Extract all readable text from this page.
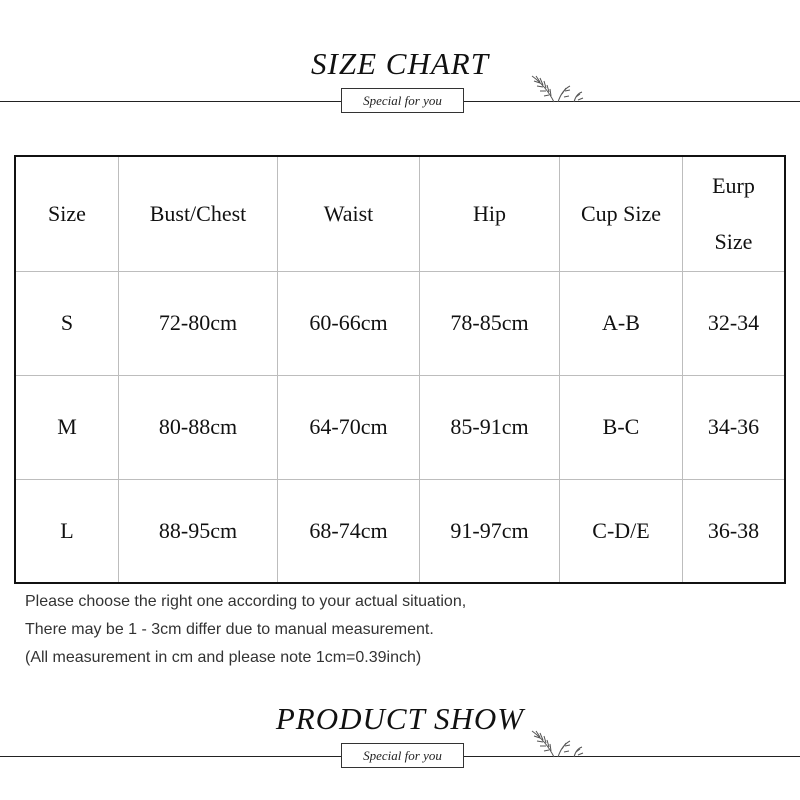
SIZE CHART
Special for you
Size	Bust/Chest	Waist	Hip	Cup Size	Eurp
Size

S	72-80cm	60-66cm	78-85cm	A-B	32-34
M	80-88cm	64-70cm	85-91cm	B-C	34-36
L	88-95cm	68-74cm	91-97cm	C-D/E	36-38
Please choose the right one according to your actual situation,
There may be 1 - 3cm differ due to manual measurement.
(All measurement in cm and please note 1cm=0.39inch)
PRODUCT SHOW
Special for you
